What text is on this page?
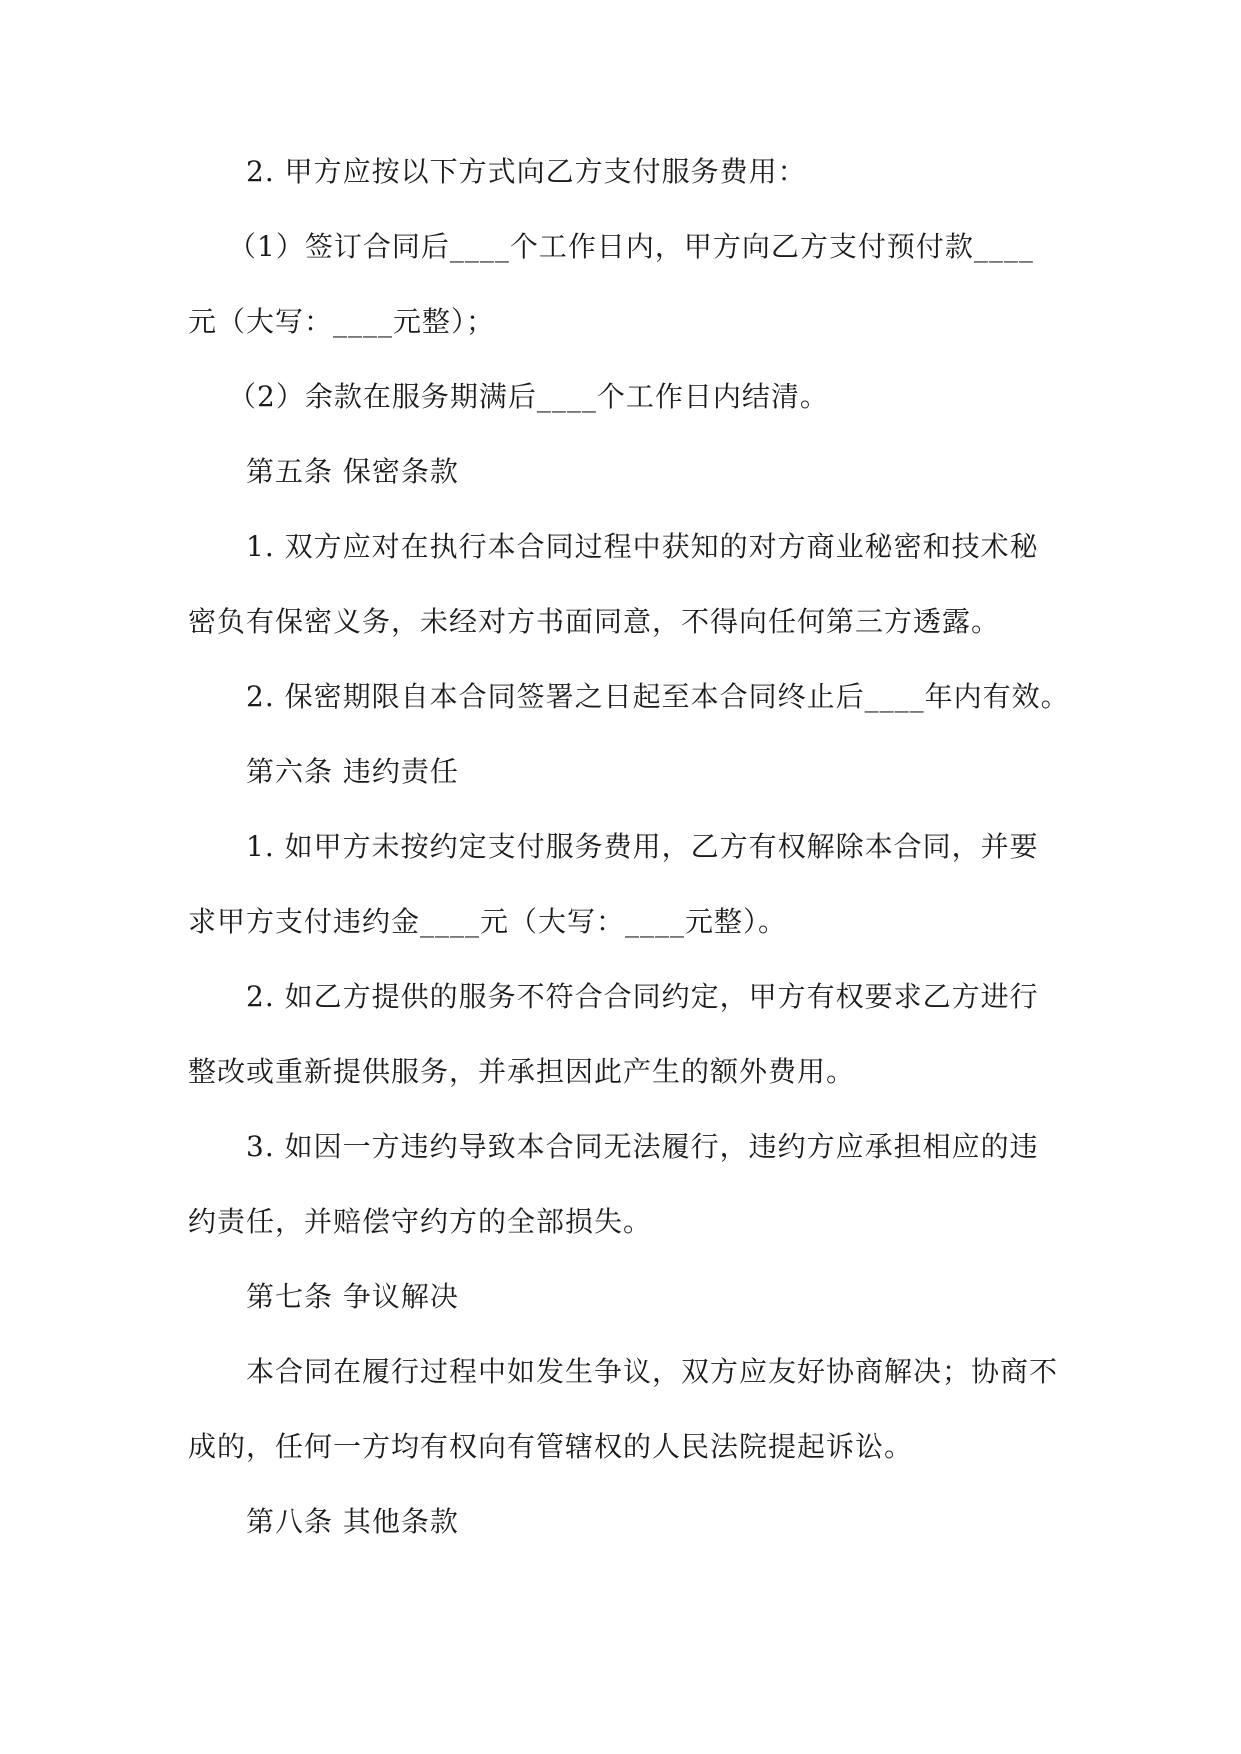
2. 甲方应按以下方式向乙方支付服务费用：
（1）签订合同后____个工作日内，甲方向乙方支付预付款____
元（大写：____元整）；
（2）余款在服务期满后____个工作日内结清。
第五条 保密条款
1. 双方应对在执行本合同过程中获知的对方商业秘密和技术秘
密负有保密义务，未经对方书面同意，不得向任何第三方透露。
2. 保密期限自本合同签署之日起至本合同终止后____年内有效。
第六条 违约责任
1. 如甲方未按约定支付服务费用，乙方有权解除本合同，并要
求甲方支付违约金____元（大写：____元整）。
2. 如乙方提供的服务不符合合同约定，甲方有权要求乙方进行
整改或重新提供服务，并承担因此产生的额外费用。
3. 如因一方违约导致本合同无法履行，违约方应承担相应的违
约责任，并赔偿守约方的全部损失。
第七条 争议解决
本合同在履行过程中如发生争议，双方应友好协商解决；协商不
成的，任何一方均有权向有管辖权的人民法院提起诉讼。
第八条 其他条款
